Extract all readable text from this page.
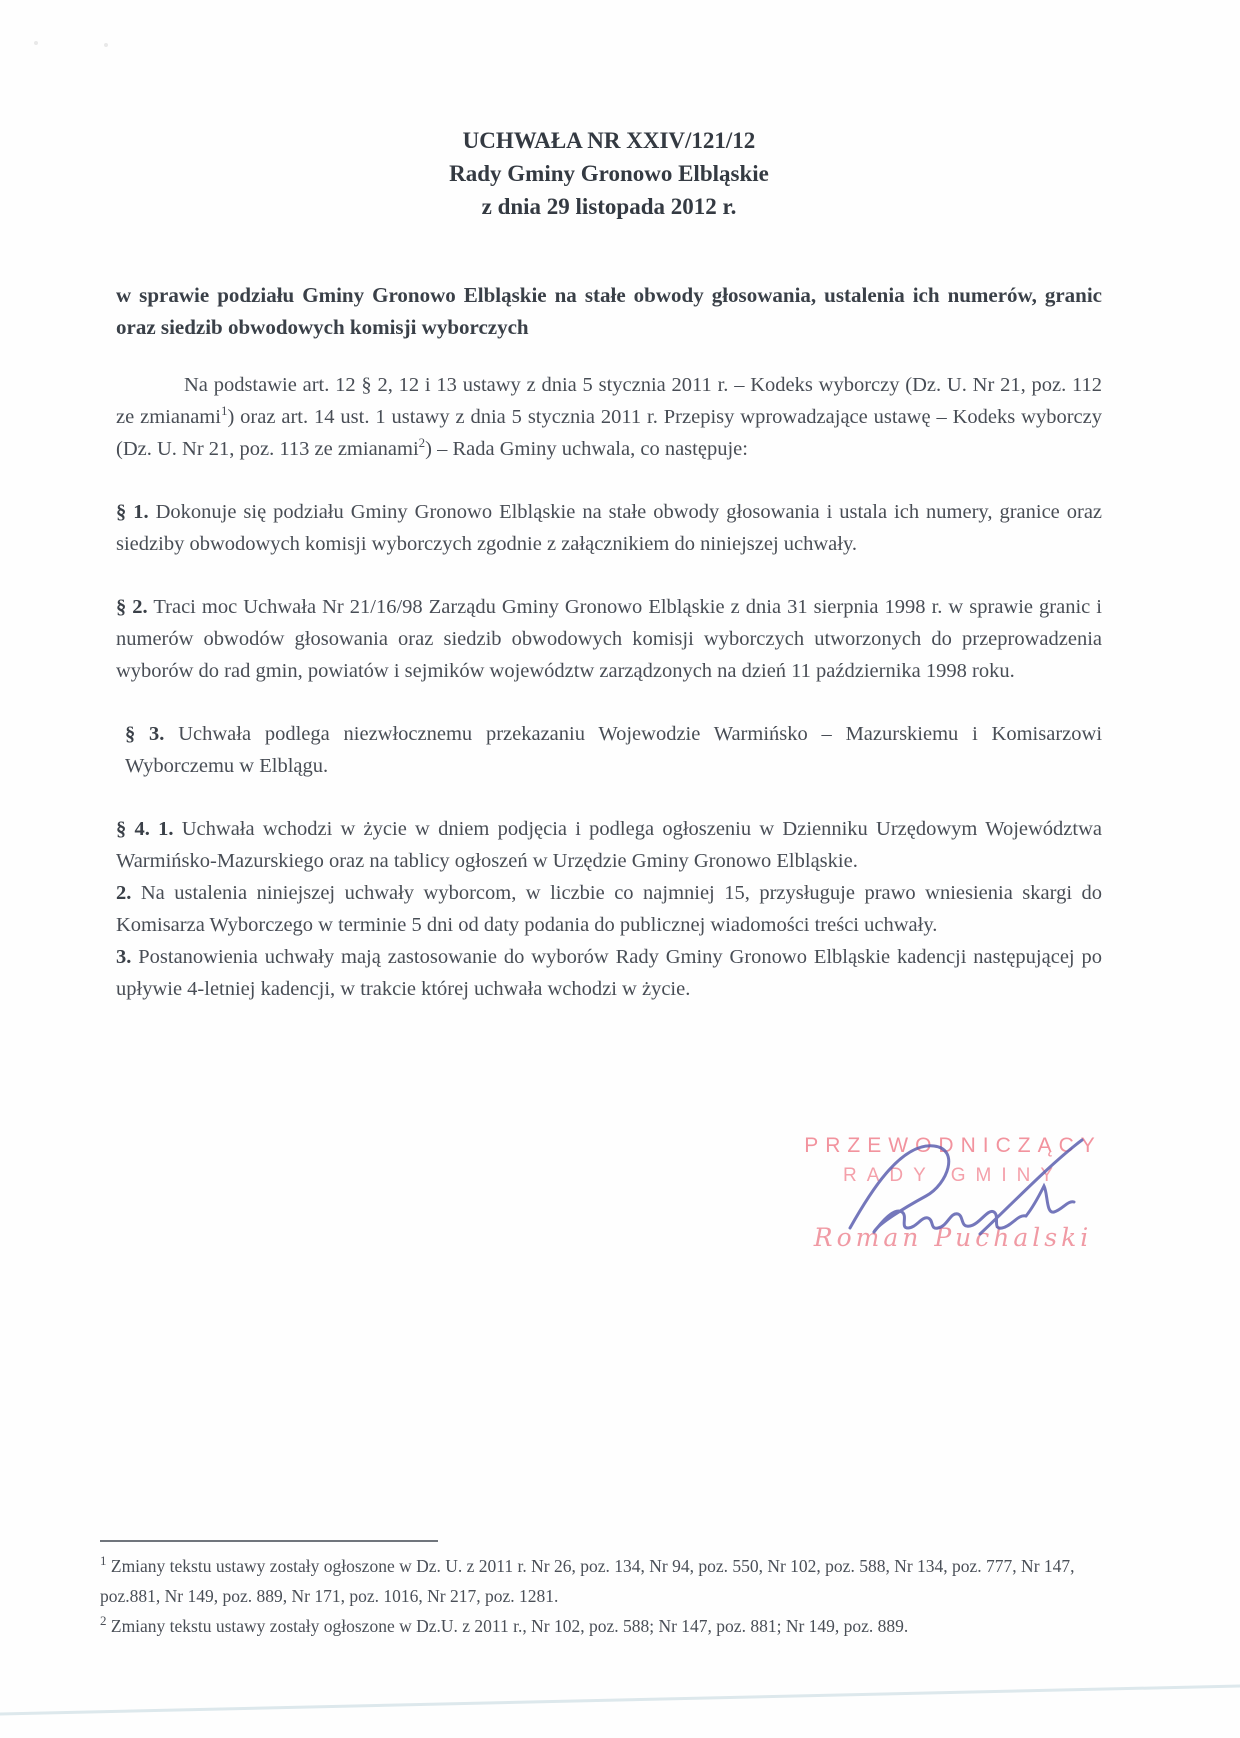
UCHWAŁA NR XXIV/121/12
Rady Gminy Gronowo Elbląskie
z dnia 29 listopada 2012 r.
w sprawie podziału Gminy Gronowo Elbląskie na stałe obwody głosowania, ustalenia ich numerów, granic oraz siedzib obwodowych komisji wyborczych

Na podstawie art. 12 § 2, 12 i 13 ustawy z dnia 5 stycznia 2011 r. – Kodeks wyborczy (Dz. U. Nr 21, poz. 112 ze zmianami$^1$) oraz art. 14 ust. 1 ustawy z dnia 5 stycznia 2011 r. Przepisy wprowadzające ustawę – Kodeks wyborczy (Dz. U. Nr 21, poz. 113 ze zmianami$^2$) – Rada Gminy uchwala, co następuje:

§ 1. Dokonuje się podziału Gminy Gronowo Elbląskie na stałe obwody głosowania i ustala ich numery, granice oraz siedziby obwodowych komisji wyborczych zgodnie z załącznikiem do niniejszej uchwały.

§ 2. Traci moc Uchwała Nr 21/16/98 Zarządu Gminy Gronowo Elbląskie z dnia 31 sierpnia 1998 r. w sprawie granic i numerów obwodów głosowania oraz siedzib obwodowych komisji wyborczych utworzonych do przeprowadzenia wyborów do rad gmin, powiatów i sejmików województw zarządzonych na dzień 11 października 1998 roku.

§ 3. Uchwała podlega niezwłocznemu przekazaniu Wojewodzie Warmińsko – Mazurskiemu i Komisarzowi Wyborczemu w Elblągu.

§ 4. 1. Uchwała wchodzi w życie w dniem podjęcia i podlega ogłoszeniu w Dzienniku Urzędowym Województwa Warmińsko-Mazurskiego oraz na tablicy ogłoszeń w Urzędzie Gminy Gronowo Elbląskie.

2. Na ustalenia niniejszej uchwały wyborcom, w liczbie co najmniej 15, przysługuje prawo wniesienia skargi do Komisarza Wyborczego w terminie 5 dni od daty podania do publicznej wiadomości treści uchwały.

3. Postanowienia uchwały mają zastosowanie do wyborów Rady Gminy Gronowo Elbląskie kadencji następującej po upływie 4-letniej kadencji, w trakcie której uchwała wchodzi w życie.

PRZEWODNICZĄCY
RADY GMINY
Roman Puchalski

$^1$ Zmiany tekstu ustawy zostały ogłoszone w Dz. U. z 2011 r. Nr 26, poz. 134, Nr 94, poz. 550, Nr 102, poz. 588, Nr 134, poz. 777, Nr 147, poz.881, Nr 149, poz. 889, Nr 171, poz. 1016, Nr 217, poz. 1281.

$^2$ Zmiany tekstu ustawy zostały ogłoszone w Dz.U. z 2011 r., Nr 102, poz. 588; Nr 147, poz. 881; Nr 149, poz. 889.
